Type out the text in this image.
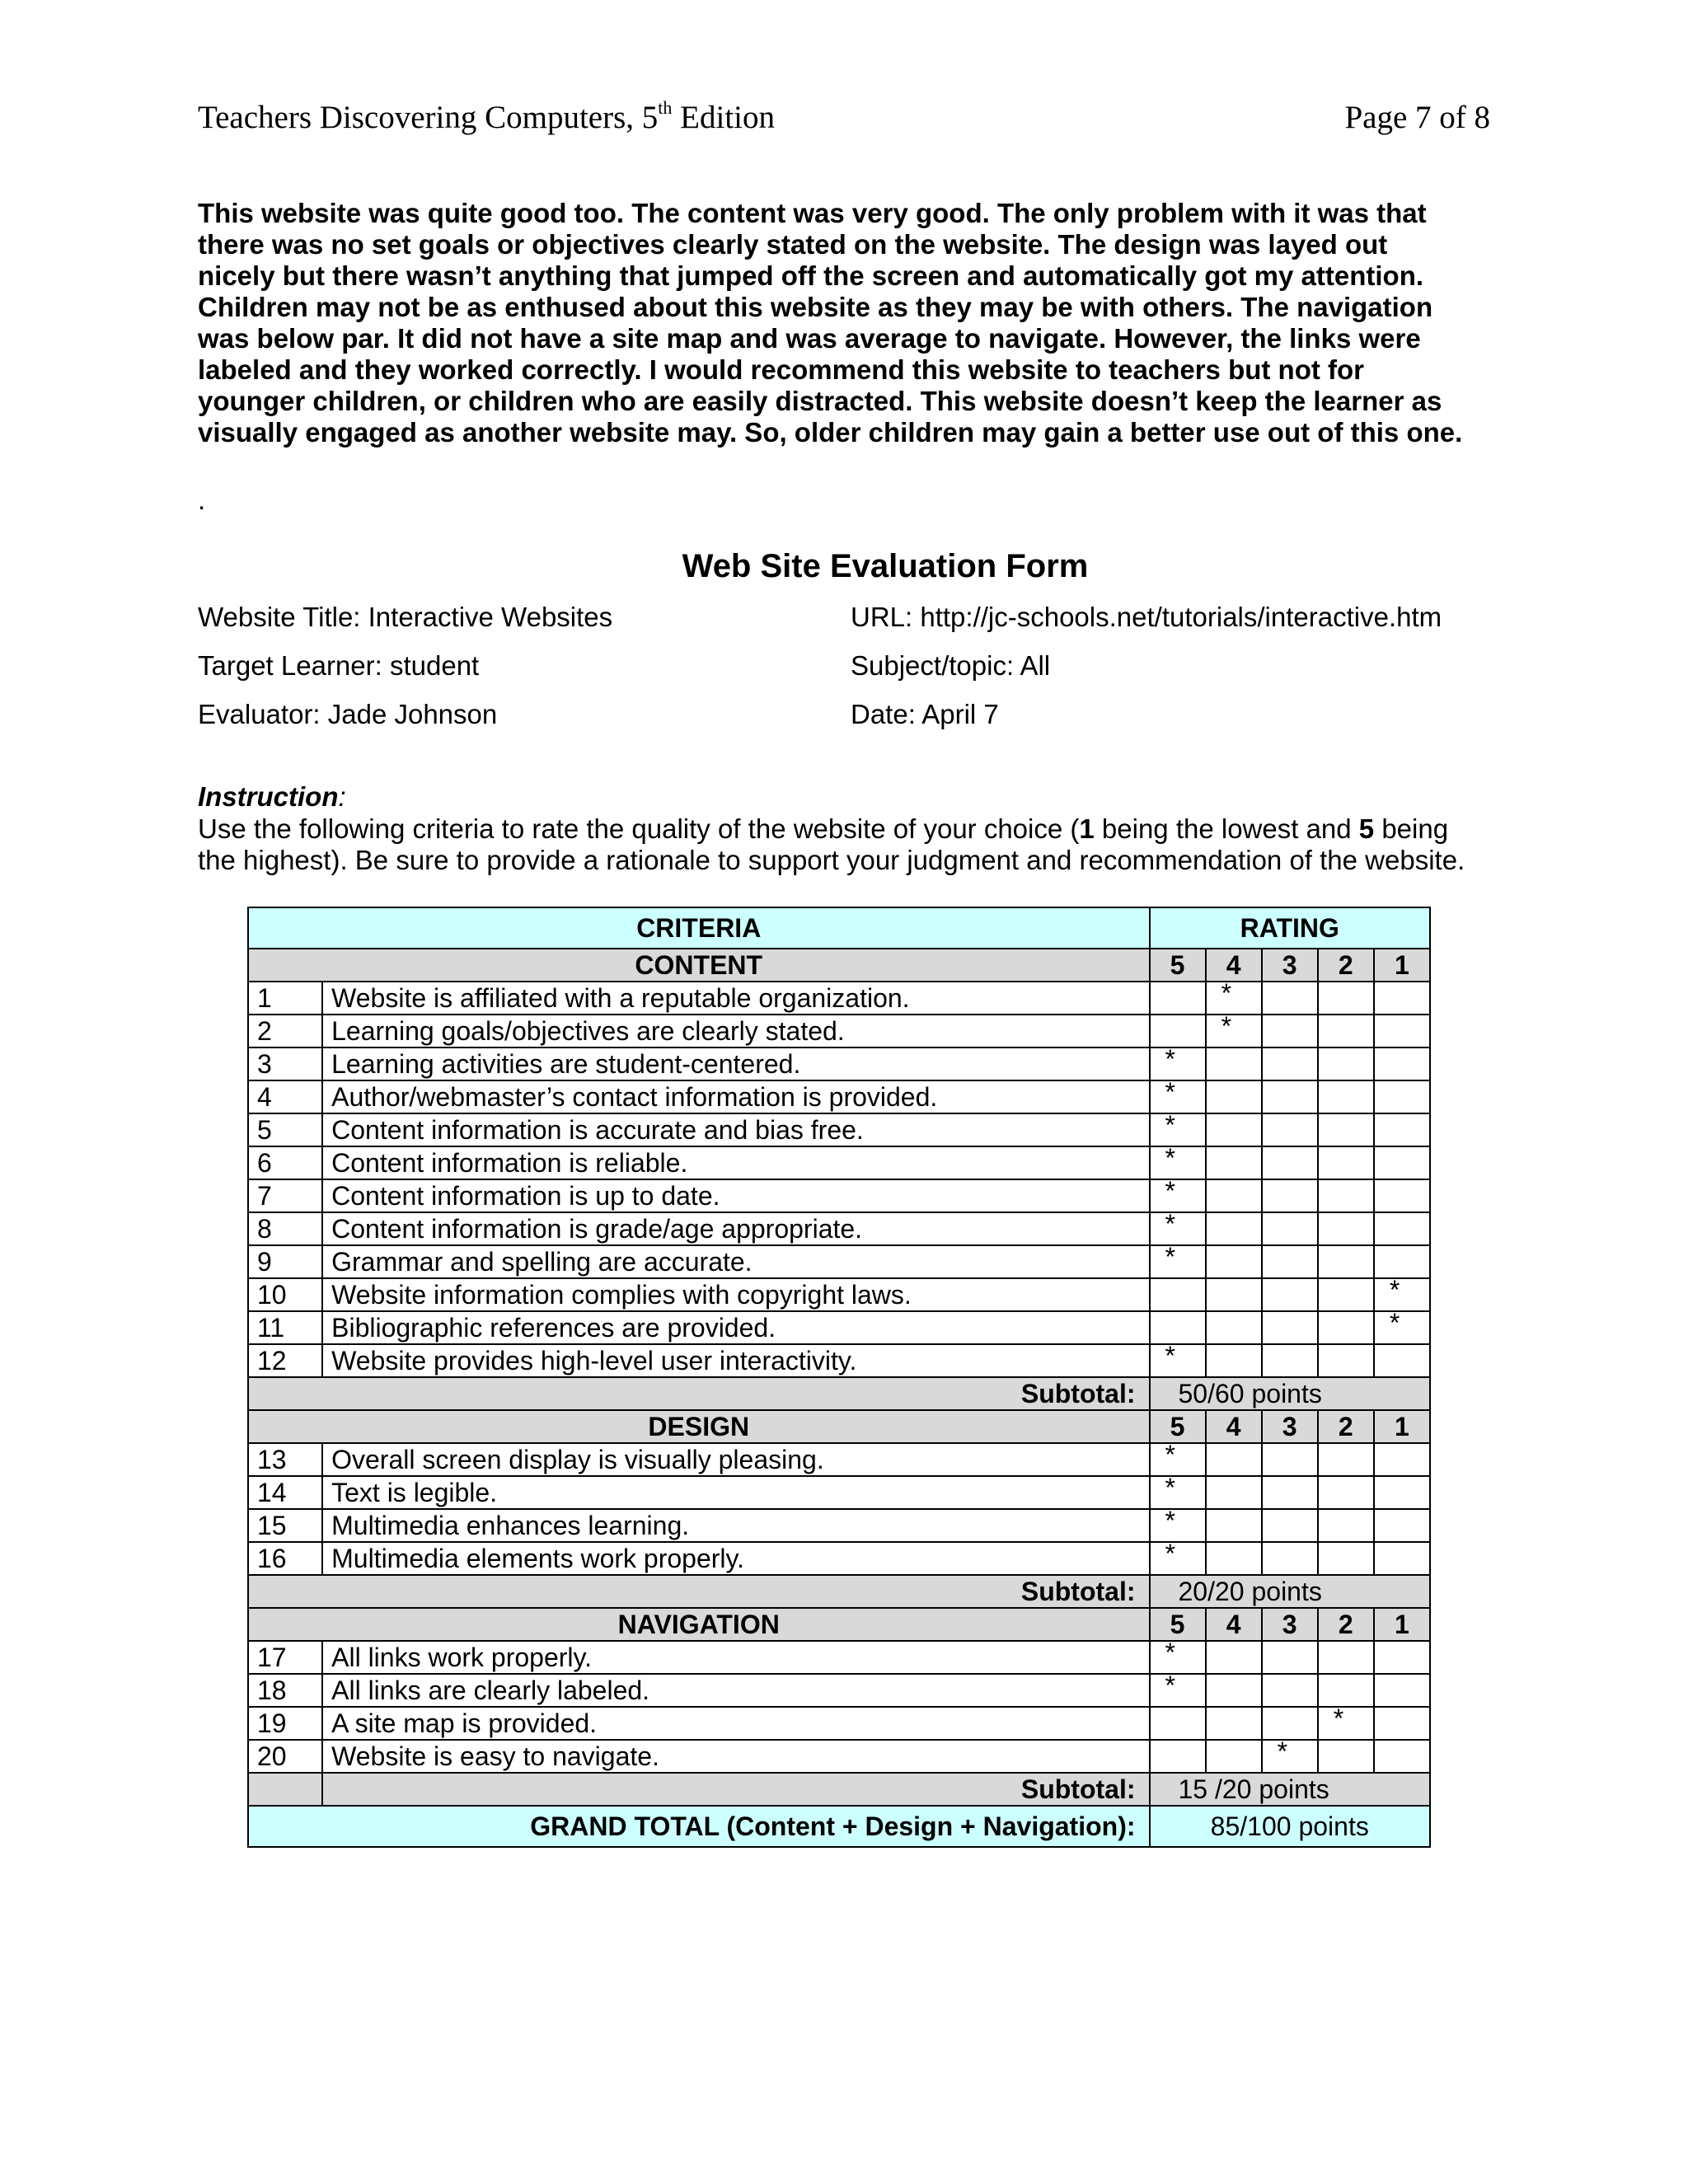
Teachers Discovering Computers, 5th Edition	Page 7 of 8
This website was quite good too. The content was very good. The only problem with it was that
there was no set goals or objectives clearly stated on the website. The design was layed out
nicely but there wasn’t anything that jumped off the screen and automatically got my attention.
Children may not be as enthused about this website as they may be with others. The navigation
was below par. It did not have a site map and was average to navigate. However, the links were
labeled and they worked correctly. I would recommend this website to teachers but not for
younger children, or children who are easily distracted. This website doesn’t keep the learner as
visually engaged as another website may. So, older children may gain a better use out of this one.
.
Web Site Evaluation Form
Website Title: Interactive Websites	URL: http://jc-schools.net/tutorials/interactive.htm
Target Learner: student	Subject/topic: All
Evaluator: Jade Johnson	Date: April 7
Instruction:
Use the following criteria to rate the quality of the website of your choice (1 being the lowest and 5 being
the highest). Be sure to provide a rationale to support your judgment and recommendation of the website.
CRITERIA		RATING				
CONTENT		5	4	3	2	1
1	Website is affiliated with a reputable organization.		*			
2	Learning goals/objectives are clearly stated.		*			
3	Learning activities are student-centered.	*				
4	Author/webmaster’s contact information is provided.	*				
5	Content information is accurate and bias free.	*				
6	Content information is reliable.	*				
7	Content information is up to date.	*				
8	Content information is grade/age appropriate.	*				
9	Grammar and spelling are accurate.	*				
10	Website information complies with copyright laws.					*
11	Bibliographic references are provided.					*
12	Website provides high-level user interactivity.	*				
Subtotal:		50/60 points				
DESIGN		5	4	3	2	1
13	Overall screen display is visually pleasing.	*				
14	Text is legible.	*				
15	Multimedia enhances learning.	*				
16	Multimedia elements work properly.	*				
Subtotal:		20/20 points				
NAVIGATION		5	4	3	2	1
17	All links work properly.	*				
18	All links are clearly labeled.	*				
19	A site map is provided.				*	
20	Website is easy to navigate.			*		
	Subtotal:	15 /20 points				
GRAND TOTAL (Content + Design + Navigation):		85/100 points				
